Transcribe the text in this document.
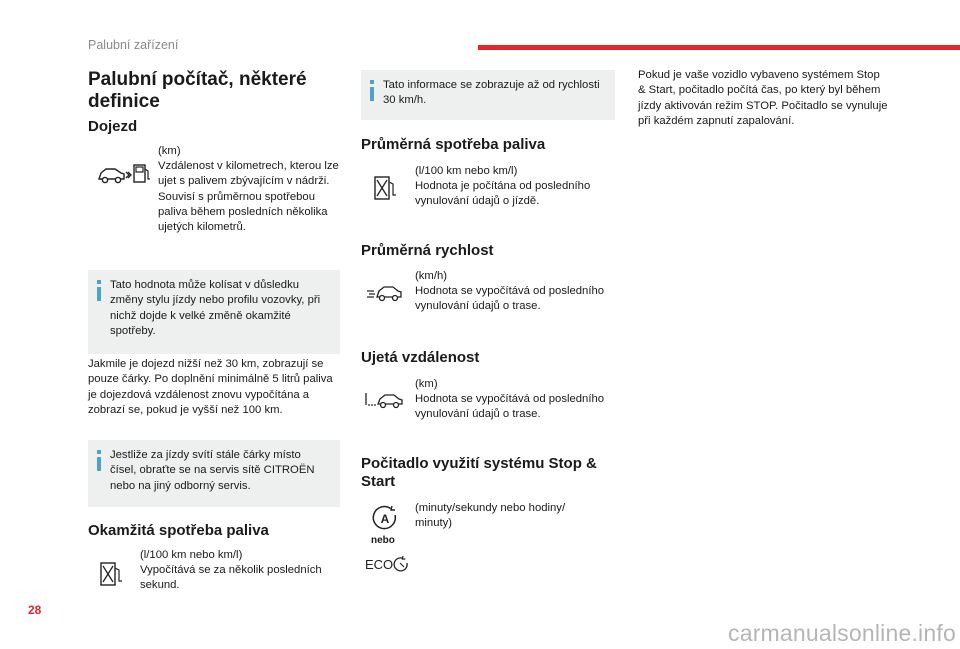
Palubní zařízení
Palubní počítač, některé definice
Dojezd
(km)
Vzdálenost v kilometrech, kterou lze ujet s palivem zbývajícím v nádrži. Souvisí s průměrnou spotřebou paliva během posledních několika ujetých kilometrů.
Tato hodnota může kolísat v důsledku změny stylu jízdy nebo profilu vozovky, při nichž dojde k velké změně okamžité spotřeby.
Jakmile je dojezd nižší než 30 km, zobrazují se pouze čárky. Po doplnění minimálně 5 litrů paliva je dojezdová vzdálenost znovu vypočítána a zobrazí se, pokud je vyšší než 100 km.
Jestliže za jízdy svítí stále čárky místo čísel, obraťte se na servis sítě CITROËN nebo na jiný odborný servis.
Okamžitá spotřeba paliva
(l/100 km nebo km/l)
Vypočítává se za několik posledních sekund.
Tato informace se zobrazuje až od rychlosti 30 km/h.
Průměrná spotřeba paliva
(l/100 km nebo km/l)
Hodnota je počítána od posledního vynulování údajů o jízdě.
Průměrná rychlost
(km/h)
Hodnota se vypočítává od posledního vynulování údajů o trase.
Ujetá vzdálenost
(km)
Hodnota se vypočítává od posledního vynulování údajů o trase.
Počitadlo využití systému Stop & Start
A
nebo
ECO
(minuty/sekundy nebo hodiny/ minuty)
Pokud je vaše vozidlo vybaveno systémem Stop & Start, počitadlo počítá čas, po který byl během jízdy aktivován režim STOP. Počitadlo se vynuluje při každém zapnutí zapalování.
28
carmanualsonline.info
